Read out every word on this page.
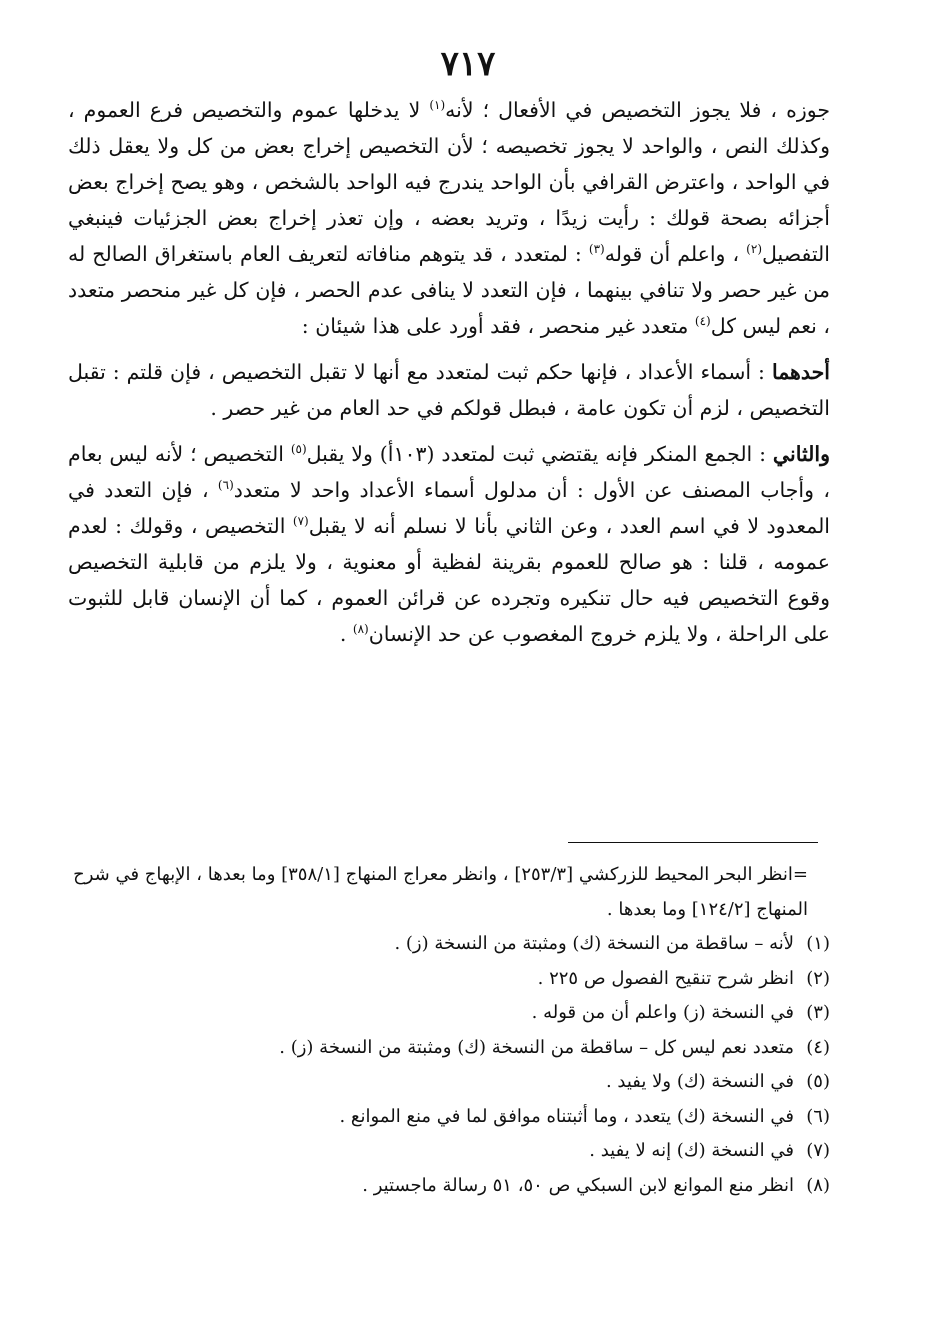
٧١٧

جوزه ، فلا يجوز التخصيص في الأفعال ؛ لأنه$^{(١)}$ لا يدخلها عموم والتخصيص فرع العموم ، وكذلك النص ، والواحد لا يجوز تخصيصه ؛ لأن التخصيص إخراج بعض من كل ولا يعقل ذلك في الواحد ، واعترض القرافي بأن الواحد يندرج فيه الواحد بالشخص ، وهو يصح إخراج بعض أجزائه بصحة قولك : رأيت زيدًا ، وتريد بعضه ، وإن تعذر إخراج بعض الجزئيات فينبغي التفصيل$^{(٢)}$ ، واعلم أن قوله$^{(٣)}$ : لمتعدد ، قد يتوهم منافاته لتعريف العام باستغراق الصالح له من غير حصر ولا تنافي بينهما ، فإن التعدد لا ينافى عدم الحصر ، فإن كل غير منحصر متعدد ، نعم ليس كل$^{(٤)}$ متعدد غير منحصر ، فقد أورد على هذا شيئان :

أحدهما : أسماء الأعداد ، فإنها حكم ثبت لمتعدد مع أنها لا تقبل التخصيص ، فإن قلتم : تقبل التخصيص ، لزم أن تكون عامة ، فبطل قولكم في حد العام من غير حصر .

والثاني : الجمع المنكر فإنه يقتضي ثبت لمتعدد (١٠٣أ) ولا يقبل$^{(٥)}$ التخصيص ؛ لأنه ليس بعام ، وأجاب المصنف عن الأول : أن مدلول أسماء الأعداد واحد لا متعدد$^{(٦)}$ ، فإن التعدد في المعدود لا في اسم العدد ، وعن الثاني بأنا لا نسلم أنه لا يقبل$^{(٧)}$ التخصيص ، وقولك : لعدم عمومه ، قلنا : هو صالح للعموم بقرينة لفظية أو معنوية ، ولا يلزم من قابلية التخصيص وقوع التخصيص فيه حال تنكيره وتجرده عن قرائن العموم ، كما أن الإنسان قابل للثبوت على الراحلة ، ولا يلزم خروج المغصوب عن حد الإنسان$^{(٨)}$ .

=انظر البحر المحيط للزركشي [٢٥٣/٣] ، وانظر معراج المنهاج [٣٥٨/١] وما بعدها ، الإبهاج في شرح المنهاج [١٢٤/٢] وما بعدها .

(١)
لأنه – ساقطة من النسخة (ك) ومثبتة من النسخة (ز) .

(٢)
انظر شرح تنقيح الفصول ص ٢٢٥ .

(٣)
في النسخة (ز) واعلم أن من قوله .

(٤)
متعدد نعم ليس كل – ساقطة من النسخة (ك) ومثبتة من النسخة (ز) .

(٥)
في النسخة (ك) ولا يفيد .

(٦)
في النسخة (ك) يتعدد ، وما أثبتناه موافق لما في منع الموانع .

(٧)
في النسخة (ك) إنه لا يفيد .

(٨)
انظر منع الموانع لابن السبكي ص ٥٠، ٥١ رسالة ماجستير .
